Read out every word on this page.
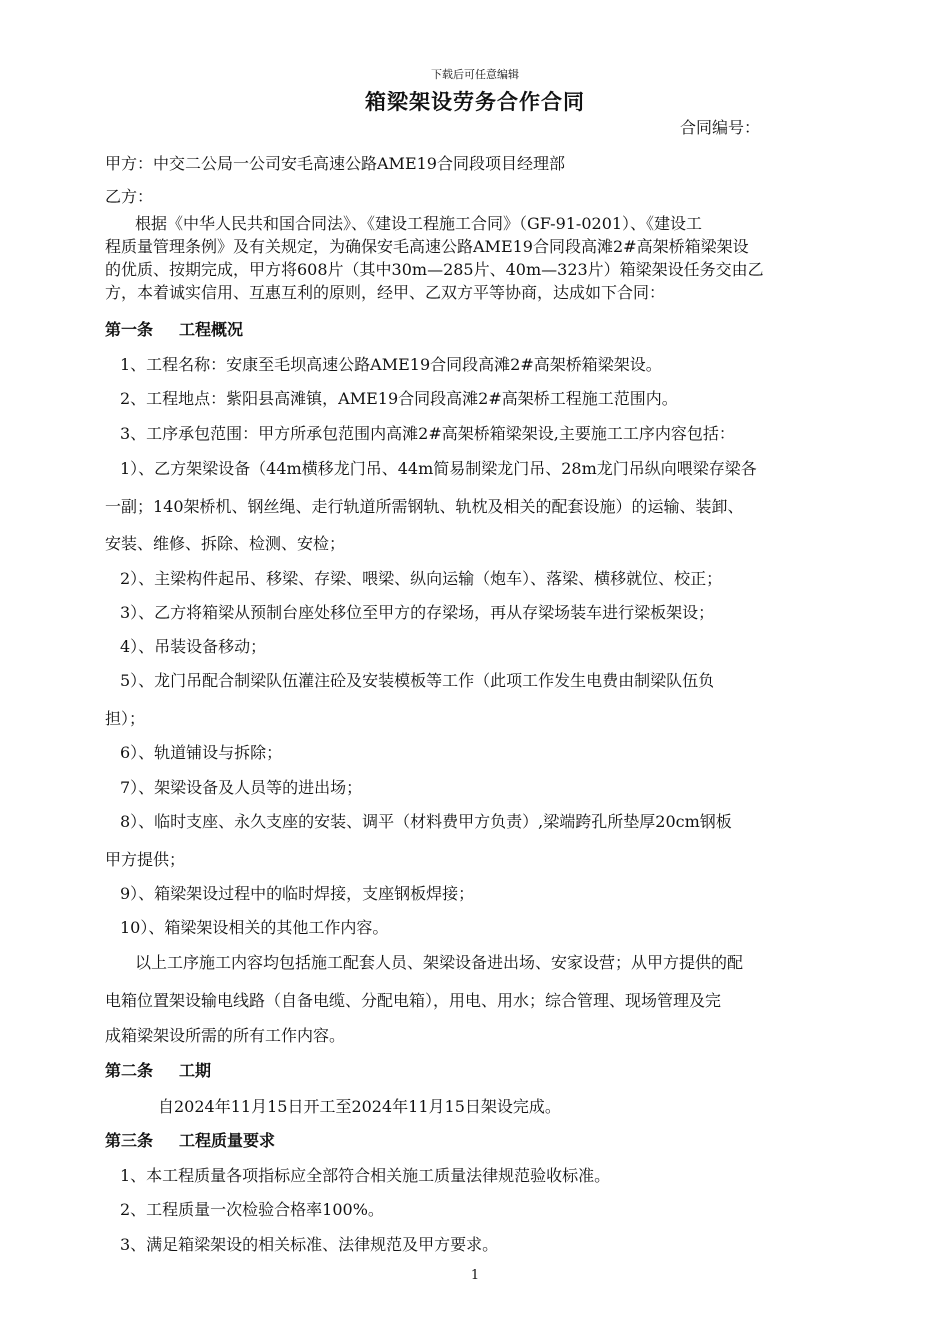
下载后可任意编辑
箱梁架设劳务合作合同
合同编号：
甲方：中交二公局一公司安毛高速公路AME19合同段项目经理部
乙方：
根据《中华人民共和国合同法》、《建设工程施工合同》（GF-91-0201）、《建设工
程质量管理条例》及有关规定，为确保安毛高速公路AME19合同段高滩2#高架桥箱梁架设
的优质、按期完成，甲方将608片（其中30m—285片、40m—323片）箱梁架设任务交由乙
方，本着诚实信用、互惠互利的原则，经甲、乙双方平等协商，达成如下合同：
第一条 工程概况
1、工程名称：安康至毛坝高速公路AME19合同段高滩2#高架桥箱梁架设。
2、工程地点：紫阳县高滩镇，AME19合同段高滩2#高架桥工程施工范围内。
3、工序承包范围：甲方所承包范围内高滩2#高架桥箱梁架设,主要施工工序内容包括：
1）、乙方架梁设备（44m横移龙门吊、44m简易制梁龙门吊、28m龙门吊纵向喂梁存梁各
一副；140架桥机、钢丝绳、走行轨道所需钢轨、轨枕及相关的配套设施）的运输、装卸、
安装、维修、拆除、检测、安检；
2）、主梁构件起吊、移梁、存梁、喂梁、纵向运输（炮车）、落梁、横移就位、校正；
3）、乙方将箱梁从预制台座处移位至甲方的存梁场，再从存梁场装车进行梁板架设；
4）、吊装设备移动；
5）、龙门吊配合制梁队伍灌注砼及安装模板等工作（此项工作发生电费由制梁队伍负
担）；
6）、轨道铺设与拆除；
7）、架梁设备及人员等的进出场；
8）、临时支座、永久支座的安装、调平（材料费甲方负责）,梁端跨孔所垫厚20cm钢板
甲方提供；
9）、箱梁架设过程中的临时焊接，支座钢板焊接；
10）、箱梁架设相关的其他工作内容。
以上工序施工内容均包括施工配套人员、架梁设备进出场、安家设营；从甲方提供的配
电箱位置架设输电线路（自备电缆、分配电箱），用电、用水；综合管理、现场管理及完
成箱梁架设所需的所有工作内容。
第二条 工期
自2024年11月15日开工至2024年11月15日架设完成。
第三条 工程质量要求
1、本工程质量各项指标应全部符合相关施工质量法律规范验收标准。
2、工程质量一次检验合格率100%。
3、满足箱梁架设的相关标准、法律规范及甲方要求。
1
